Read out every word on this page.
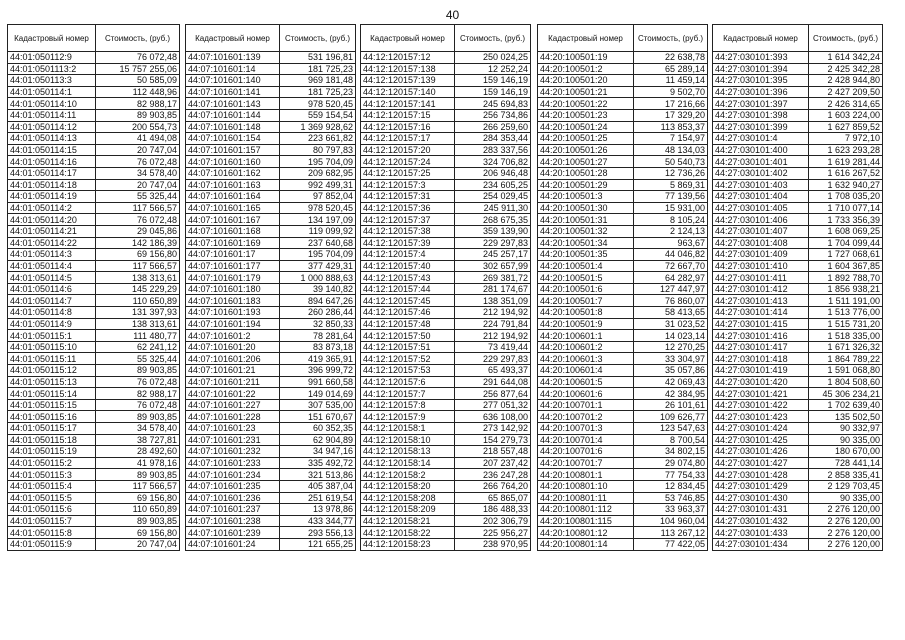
40
Кадастровый номер	Стоимость, (руб.)
44:01:050112:9	76 072,48
44:01:0501113:2	15 757 255,06
44:01:050113:3	50 585,09
44:01:050114:1	112 448,96
44:01:050114:10	82 988,17
44:01:050114:11	89 903,85
44:01:050114:12	200 554,73
44:01:050114:13	41 494,08
44:01:050114:15	20 747,04
44:01:050114:16	76 072,48
44:01:050114:17	34 578,40
44:01:050114:18	20 747,04
44:01:050114:19	55 325,44
44:01:050114:2	117 566,57
44:01:050114:20	76 072,48
44:01:050114:21	29 045,86
44:01:050114:22	142 186,39
44:01:050114:3	69 156,80
44:01:050114:4	117 566,57
44:01:050114:5	138 313,61
44:01:050114:6	145 229,29
44:01:050114:7	110 650,89
44:01:050114:8	131 397,93
44:01:050114:9	138 313,61
44:01:050115:1	111 480,77
44:01:050115:10	62 241,12
44:01:050115:11	55 325,44
44:01:050115:12	89 903,85
44:01:050115:13	76 072,48
44:01:050115:14	82 988,17
44:01:050115:15	76 072,48
44:01:050115:16	89 903,85
44:01:050115:17	34 578,40
44:01:050115:18	38 727,81
44:01:050115:19	28 492,60
44:01:050115:2	41 978,16
44:01:050115:3	89 903,85
44:01:050115:4	117 566,57
44:01:050115:5	69 156,80
44:01:050115:6	110 650,89
44:01:050115:7	89 903,85
44:01:050115:8	69 156,80
44:01:050115:9	20 747,04
Кадастровый номер	Стоимость, (руб.)
44:07:101601:139	531 196,81
44:07:101601:14	181 725,23
44:07:101601:140	969 181,48
44:07:101601:141	181 725,23
44:07:101601:143	978 520,45
44:07:101601:144	559 154,54
44:07:101601:148	1 369 928,62
44:07:101601:154	223 661,82
44:07:101601:157	80 797,83
44:07:101601:160	195 704,09
44:07:101601:162	209 682,95
44:07:101601:163	992 499,31
44:07:101601:164	97 852,04
44:07:101601:165	978 520,45
44:07:101601:167	134 197,09
44:07:101601:168	119 099,92
44:07:101601:169	237 640,68
44:07:101601:17	195 704,09
44:07:101601:177	377 429,31
44:07:101601:179	1 000 888,63
44:07:101601:180	39 140,82
44:07:101601:183	894 647,26
44:07:101601:193	260 286,44
44:07:101601:194	32 850,33
44:07:101601:2	78 281,64
44:07:101601:20	83 873,18
44:07:101601:206	419 365,91
44:07:101601:21	396 999,72
44:07:101601:211	991 660,58
44:07:101601:22	149 014,69
44:07:101601:227	307 535,00
44:07:101601:228	151 670,67
44:07:101601:23	60 352,35
44:07:101601:231	62 904,89
44:07:101601:232	34 947,16
44:07:101601:233	335 492,72
44:07:101601:234	321 513,86
44:07:101601:235	405 387,04
44:07:101601:236	251 619,54
44:07:101601:237	13 978,86
44:07:101601:238	433 344,77
44:07:101601:239	293 556,13
44:07:101601:24	121 655,25
Кадастровый номер	Стоимость, (руб.)
44:12:120157:12	250 024,25
44:12:120157:138	12 252,24
44:12:120157:139	159 146,19
44:12:120157:140	159 146,19
44:12:120157:141	245 694,83
44:12:120157:15	256 734,86
44:12:120157:16	266 259,60
44:12:120157:17	284 353,44
44:12:120157:20	283 337,56
44:12:120157:24	324 706,82
44:12:120157:25	206 946,48
44:12:120157:3	234 605,25
44:12:120157:31	254 029,45
44:12:120157:36	245 911,30
44:12:120157:37	268 675,35
44:12:120157:38	359 139,90
44:12:120157:39	229 297,83
44:12:120157:4	245 257,17
44:12:120157:40	302 657,99
44:12:120157:43	269 381,72
44:12:120157:44	281 174,67
44:12:120157:45	138 351,09
44:12:120157:46	212 194,92
44:12:120157:48	224 791,84
44:12:120157:50	212 194,92
44:12:120157:51	73 419,44
44:12:120157:52	229 297,83
44:12:120157:53	65 493,37
44:12:120157:6	291 644,08
44:12:120157:7	256 877,64
44:12:120157:8	277 051,32
44:12:120157:9	636 108,00
44:12:120158:1	273 142,92
44:12:120158:10	154 279,73
44:12:120158:13	218 557,48
44:12:120158:14	207 237,42
44:12:120158:2	236 247,28
44:12:120158:20	266 764,20
44:12:120158:208	65 865,07
44:12:120158:209	186 488,33
44:12:120158:21	202 306,79
44:12:120158:22	225 956,27
44:12:120158:23	238 970,95
Кадастровый номер	Стоимость, (руб.)
44:20:100501:19	22 638,78
44:20:100501:2	65 289,14
44:20:100501:20	11 459,14
44:20:100501:21	9 502,70
44:20:100501:22	17 216,66
44:20:100501:23	17 329,20
44:20:100501:24	113 853,37
44:20:100501:25	7 154,97
44:20:100501:26	48 134,03
44:20:100501:27	50 540,73
44:20:100501:28	12 736,26
44:20:100501:29	5 869,31
44:20:100501:3	77 139,56
44:20:100501:30	15 931,00
44:20:100501:31	8 105,24
44:20:100501:32	2 124,13
44:20:100501:34	963,67
44:20:100501:35	44 046,82
44:20:100501:4	72 667,70
44:20:100501:5	64 282,97
44:20:100501:6	127 447,97
44:20:100501:7	76 860,07
44:20:100501:8	58 413,65
44:20:100501:9	31 023,52
44:20:100601:1	14 023,14
44:20:100601:2	12 270,25
44:20:100601:3	33 304,97
44:20:100601:4	35 057,86
44:20:100601:5	42 069,43
44:20:100601:6	42 384,95
44:20:100701:1	26 101,61
44:20:100701:2	109 626,77
44:20:100701:3	123 547,63
44:20:100701:4	8 700,54
44:20:100701:6	34 802,15
44:20:100701:7	29 074,80
44:20:100801:1	77 754,33
44:20:100801:10	12 834,45
44:20:100801:11	53 746,85
44:20:100801:112	33 963,37
44:20:100801:115	104 960,04
44:20:100801:12	113 267,12
44:20:100801:14	77 422,05
Кадастровый номер	Стоимость, (руб.)
44:27:030101:393	1 614 342,24
44:27:030101:394	2 425 342,28
44:27:030101:395	2 428 944,80
44:27:030101:396	2 427 209,50
44:27:030101:397	2 426 314,65
44:27:030101:398	1 603 224,00
44:27:030101:399	1 627 859,52
44:27:030101:4	7 972,10
44:27:030101:400	1 623 293,28
44:27:030101:401	1 619 281,44
44:27:030101:402	1 616 267,52
44:27:030101:403	1 632 940,27
44:27:030101:404	1 708 035,20
44:27:030101:405	1 710 077,14
44:27:030101:406	1 733 356,39
44:27:030101:407	1 608 069,25
44:27:030101:408	1 704 099,44
44:27:030101:409	1 727 068,61
44:27:030101:410	1 604 367,85
44:27:030101:411	1 892 788,70
44:27:030101:412	1 856 938,21
44:27:030101:413	1 511 191,00
44:27:030101:414	1 513 776,00
44:27:030101:415	1 515 731,20
44:27:030101:416	1 518 335,00
44:27:030101:417	1 671 326,32
44:27:030101:418	1 864 789,22
44:27:030101:419	1 591 068,80
44:27:030101:420	1 804 508,60
44:27:030101:421	45 306 234,21
44:27:030101:422	1 702 639,40
44:27:030101:423	135 502,50
44:27:030101:424	90 332,97
44:27:030101:425	90 335,00
44:27:030101:426	180 670,00
44:27:030101:427	728 441,14
44:27:030101:428	2 858 335,41
44:27:030101:429	2 129 703,45
44:27:030101:430	90 335,00
44:27:030101:431	2 276 120,00
44:27:030101:432	2 276 120,00
44:27:030101:433	2 276 120,00
44:27:030101:434	2 276 120,00
